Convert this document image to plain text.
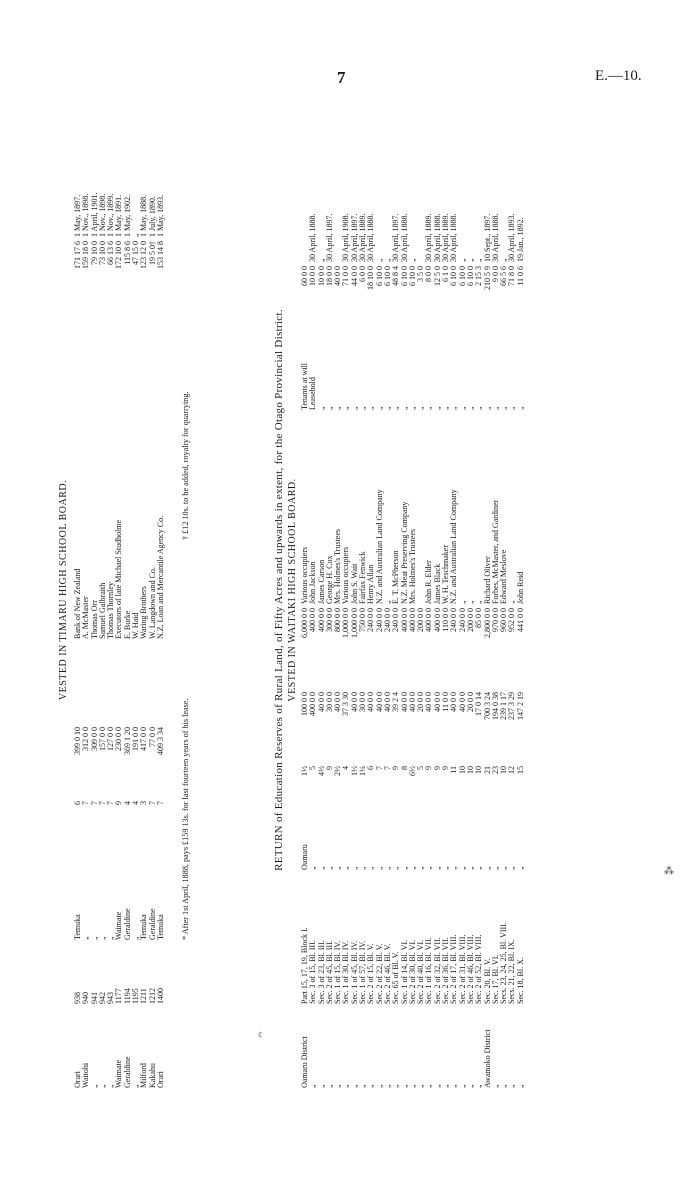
7	E.—10.
VESTED IN TIMARU HIGH SCHOOL BOARD.
Orari	938	Temuka	6	399 0 10		Bank of New Zealand		171 17 6	1 May, 1897.
Waitohi	940	„	7	312 0 0		A. McMaster		159 18 0	1 Nov., 1898.
„	941	„	7	309 0 0		Thomas Orr		79 10 0	1 April, 1901.
„	942	„	7	157 0 0		Samuel Galbraith		73 10 0	1 Nov., 1898.
„	943	„	7	127 0 0		Thomas Thornley		66 13 6	1 Nov., 1899.
Waimate	1177	Waimate	9	230 0 0		Executors of late Michael Studholme		172 10 0	1 May, 1891.
Geraldine	1194	Geraldine	4	369 1 20		E. Burke		115 8 6	1 May, 1902.
„	1195	„	4	191 0 0		W. Haid		47 15 0	„
Milford	1211	Temuka	3	417 0 0		Waring Brothers		123 12 0	1 May, 1888.
Kakahu	1212	Geraldine	7	77 0 0		W. Langdown and Co.		19 5 0†	1 July, 1890.
Orari	1400	Temuka	7	409 3 34		N.Z. Loan and Mercantile Agency Co.		153 14 8	1 May, 1893.
* After 1st April, 1888, pays £159 13s. for last fourteen years of his lease.
† £12 10s. to be added, royalty for quarrying.	RETURN of Education Reserves of Rural Land, of Fifty Acres and upwards in extent, for the Otago Provincial District. VESTED IN WAITAKI HIGH SCHOOL BOARD.
Oamaru District	Part 15, 17, 19, Block I.	Oamaru	1½	100 0 0	6,000 0 0	Various occupiers	Tenants at will	60 0 0	
„	Sec. 3 of 15, Bl. III.	„	5	400 0 0	400 0 0	John Jackson	Leasehold	10 0 0	30 April, 1888.
„	Sec. 3 of 23, Bl. III.	„	4½	40 0 0	400 0 0	James Carson	„	10 0 0	„
„	Sec. 2 of 45, Bl. III.	„	9	30 0 0	300 0 0	George H. Cox	„	18 0 0	30 April, 1897.
„	Sec. 1 of 15, Bl. IV.	„	2½	40 0 0	800 0 0	Mrs. Holmes's Trustees	„	40 0 0	
„	Sec. 1 of 30, Bl. IV.	„	4	37 3 30	1,000 0 0	Various occupiers	„	71 0 0	30 April, 1908.
„	Sec. 1 of 45, Bl. IV.	„	1½	40 0 0	1,000 0 0	John S. Wait	„	44 0 0	30 April, 1897.
„	Sec. 1 of 57, Bl. IV.	„	1¼	30 0 0	750 0 0	Fairfax Fenwick	„	6 0 0	30 April, 1889.
„	Sec. 2 of 15, Bl. V.	„	6	40 0 0	240 0 0	Henry Allan	„	18 10 0	30 April, 1888.
„	Sec. 2 of 22, Bl. V.	„	7	40 0 0	240 0 0	N.Z. and Australian Land Company	„	6 10 0	„
„	Sec. 2 of 46, Bl. V.	„	7	40 0 0	240 0 0	„	„	6 10 0	„
„	Sec. 65 of Bl. V.	„	9	39 2 4	240 0 0	E. T. McPherson	„	48 8 4	30 April, 1897.
„	Sec. 1 of 14, Bl. VI.	„	8	40 0 0	400 0 0	N.Z. Meat Preserving Company	„	6 10 0	30 April, 1888.
„	Sec. 2 of 30, Bl. VI.	„	6½	40 0 0	400 0 0	Mrs. Holmes's Trustees	„	6 10 0	„
„	Sec. 2 of 40, Bl. VI.	„	5	20 0 0	200 0 0		„	3 5 0	
„	Sec. 1 of 16, Bl. VII.	„	9	40 0 0	400 0 0	John R. Elder	„	8 0 0	30 April, 1889.
„	Sec. 2 of 32, Bl. VII.	„	9	40 0 0	400 0 0	James Black	„	12 5 0	30 April, 1888.
„	Sec. 2 of 36, Bl. VII.	„	9	11 0 0	110 0 0	W. H. Teschmaker	„	6 1 0	30 April, 1889.
„	Sec. 2 of 17, Bl. VIII.	„	11	40 0 0	240 0 0	N.Z. and Australian Land Company	„	6 10 0	30 April, 1888.
„	Sec. 2 of 31, Bl. VIII.	„	10	40 0 0	240 0 0	„	„	6 10 0	„
„	Sec. 2 of 46, Bl. VIII.	„	10	20 0 0	200 0 0	„	„	6 10 0	„
„	Sec. 2 of 52, Bl. VIII.	„	10	17 0 14	85 0 0	„	„	2 15 3	„
Awamoko District	Sec. 20, Bl. V.	„	21	700 3 24	2,800 0 0	Richard Oliver	„	210 5 9	10 Sept., 1897.
„	Sec. 17, Bl. VI.	„	23	194 0 38	970 0 0	Forbes, McMaster, and Gardiner	„	9 0 0	30 April, 1888.
„	Secs. 23, 24, 25, Bl. VIII.	„	10	239 1 17	960 0 0	Edward Meslove	„	66 5 6	„
„	Secs. 21, 22, Bl. IX.	„	12	237 3 29	952 0 0	„	„	71 8 0	30 April, 1893.
„	Sec. 18, Bl. X.	„	15	147 2 19	441 0 0	John Reid	„	11 0 6	19 Jan., 1892.
¢
⁂
